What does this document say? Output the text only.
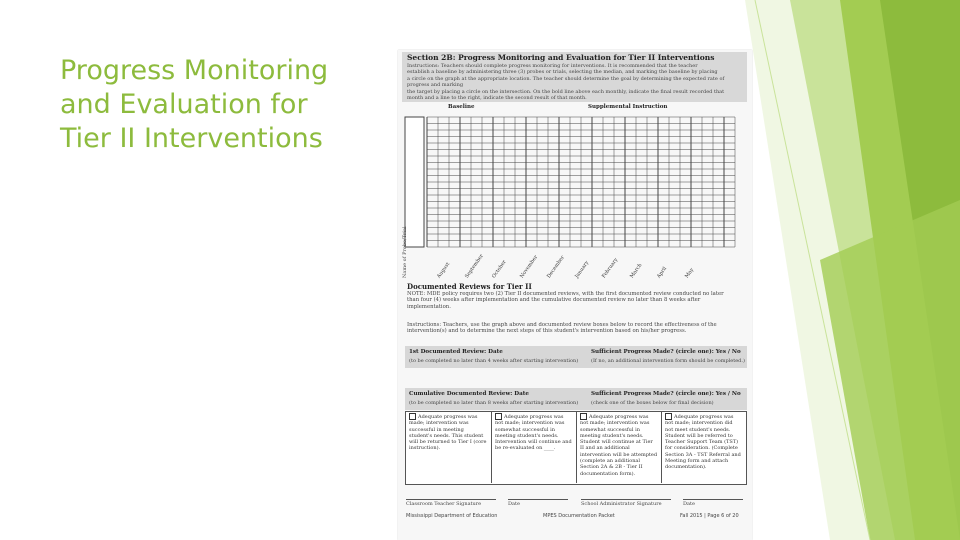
Progress Monitoring and Evaluation for Tier II Interventions

Section 2B: Progress Monitoring and Evaluation for Tier II Interventions

Instructions: Teachers should complete progress monitoring for interventions. It is recommended that the teacher
establish a baseline by administering three (3) probes or trials, selecting the median, and marking the baseline by placing
a circle on the graph at the appropriate location. The teacher should determine the goal by determining the expected rate of progress and marking
the target by placing a circle on the intersection. On the bold line above each monthly, indicate the final result recorded that
month and a line to the right, indicate the second result of that month.
Baseline	Supplemental Instruction
Name of Probe/Trial	August September October November December January February March	April	May

Documented Reviews for Tier II

NOTE: MDE policy requires two (2) Tier II documented reviews, with the first documented review conducted no later
than four (4) weeks after implementation and the cumulative documented review no later than 8 weeks after
implementation.
Instructions: Teachers, use the graph above and documented review boxes below to record the effectiveness of the
intervention(s) and to determine the next steps of this student's intervention based on his/her progress.
1st Documented Review: Date
(to be completed no later than 4 weeks after starting intervention)
Sufficient Progress Made? (circle one): Yes / No
(If no, an additional intervention form should be completed.)
Cumulative Documented Review: Date
(to be completed no later than 8 weeks after starting intervention)
Sufficient Progress Made? (circle one): Yes / No
(check one of the boxes below for final decision)
Adequate progress was made; intervention was successful in meeting student's needs. This student will be returned to Tier I (core instruction).
Adequate progress was not made; intervention was somewhat successful in meeting student's needs. Intervention will continue and be re-evaluated on ____.
Adequate progress was not made; intervention was somewhat successful in meeting student's needs. Student will continue at Tier II and an additional intervention will be attempted (complete an additional Section 2A & 2B - Tier II documentation form).
Adequate progress was not made; intervention did not meet student's needs. Student will be referred to Teacher Support Team (TST) for consideration. (Complete Section 3A - TST Referral and Meeting form and attach documentation).
Classroom Teacher Signature	Date	School Administrator Signature	Date
Mississippi Department of Education	MPES Documentation Packet	Fall 2015 | Page 6 of 20
